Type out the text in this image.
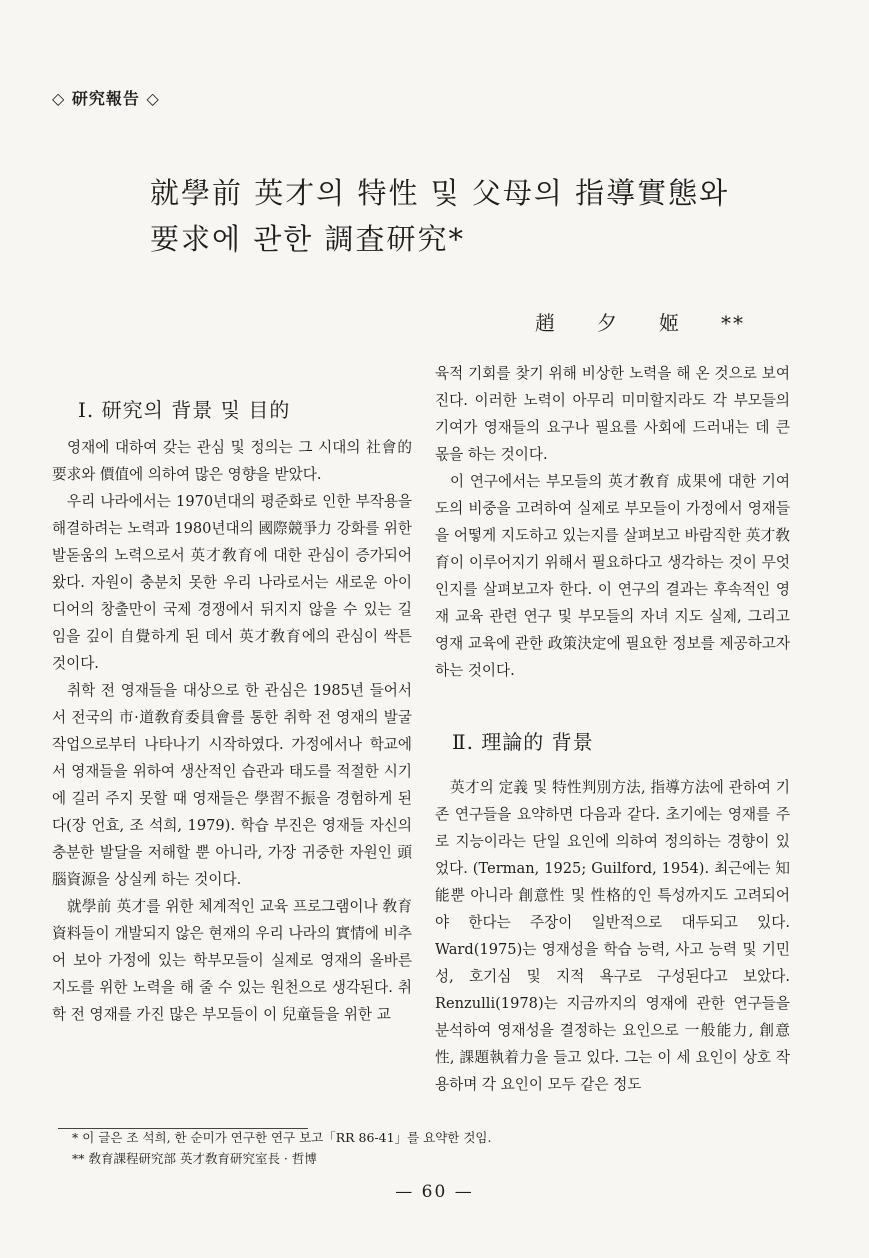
◇ 研究報告 ◇
就學前 英才의 特性 및 父母의 指導實態와
要求에 관한 調査研究*
趙夕姬**
Ⅰ. 研究의 背景 및 目的

영재에 대하여 갖는 관심 및 정의는 그 시대의 社會的 要求와 價值에 의하여 많은 영향을 받았다.

우리 나라에서는 1970년대의 평준화로 인한 부작용을 해결하려는 노력과 1980년대의 國際競爭力 강화를 위한 발돋움의 노력으로서 英才敎育에 대한 관심이 증가되어 왔다. 자원이 충분치 못한 우리 나라로서는 새로운 아이디어의 창출만이 국제 경쟁에서 뒤지지 않을 수 있는 길임을 깊이 自覺하게 된 데서 英才敎育에의 관심이 싹튼 것이다.

취학 전 영재들을 대상으로 한 관심은 1985년 들어서서 전국의 市·道敎育委員會를 통한 취학 전 영재의 발굴 작업으로부터 나타나기 시작하였다. 가정에서나 학교에서 영재들을 위하여 생산적인 습관과 태도를 적절한 시기에 길러 주지 못할 때 영재들은 學習不振을 경험하게 된다(장 언효, 조 석희, 1979). 학습 부진은 영재들 자신의 충분한 발달을 저해할 뿐 아니라, 가장 귀중한 자원인 頭腦資源을 상실케 하는 것이다.

就學前 英才를 위한 체계적인 교육 프로그램이나 敎育資料들이 개발되지 않은 현재의 우리 나라의 實情에 비추어 보아 가정에 있는 학부모들이 실제로 영재의 올바른 지도를 위한 노력을 해 줄 수 있는 원천으로 생각된다. 취학 전 영재를 가진 많은 부모들이 이 兒童들을 위한 교

육적 기회를 찾기 위해 비상한 노력을 해 온 것으로 보여진다. 이러한 노력이 아무리 미미할지라도 각 부모들의 기여가 영재들의 요구나 필요를 사회에 드러내는 데 큰 몫을 하는 것이다.

이 연구에서는 부모들의 英才敎育 成果에 대한 기여도의 비중을 고려하여 실제로 부모들이 가정에서 영재들을 어떻게 지도하고 있는지를 살펴보고 바람직한 英才敎育이 이루어지기 위해서 필요하다고 생각하는 것이 무엇인지를 살펴보고자 한다. 이 연구의 결과는 후속적인 영재 교육 관련 연구 및 부모들의 자녀 지도 실제, 그리고 영재 교육에 관한 政策決定에 필요한 정보를 제공하고자 하는 것이다.

Ⅱ. 理論的 背景

英才의 定義 및 特性判別方法, 指導方法에 관하여 기존 연구들을 요약하면 다음과 같다. 초기에는 영재를 주로 지능이라는 단일 요인에 의하여 정의하는 경향이 있었다. (Terman, 1925; Guilford, 1954). 최근에는 知能뿐 아니라 創意性 및 性格的인 특성까지도 고려되어야 한다는 주장이 일반적으로 대두되고 있다. Ward(1975)는 영재성을 학습 능력, 사고 능력 및 기민성, 호기심 및 지적 욕구로 구성된다고 보았다. Renzulli(1978)는 지금까지의 영재에 관한 연구들을 분석하여 영재성을 결정하는 요인으로 一般能力, 創意性, 課題執着力을 들고 있다. 그는 이 세 요인이 상호 작용하며 각 요인이 모두 같은 정도

* 이 글은 조 석희, 한 순미가 연구한 연구 보고「RR 86-41」를 요약한 것임.
** 敎育課程研究部 英才敎育研究室長 · 哲博
— 60 —
